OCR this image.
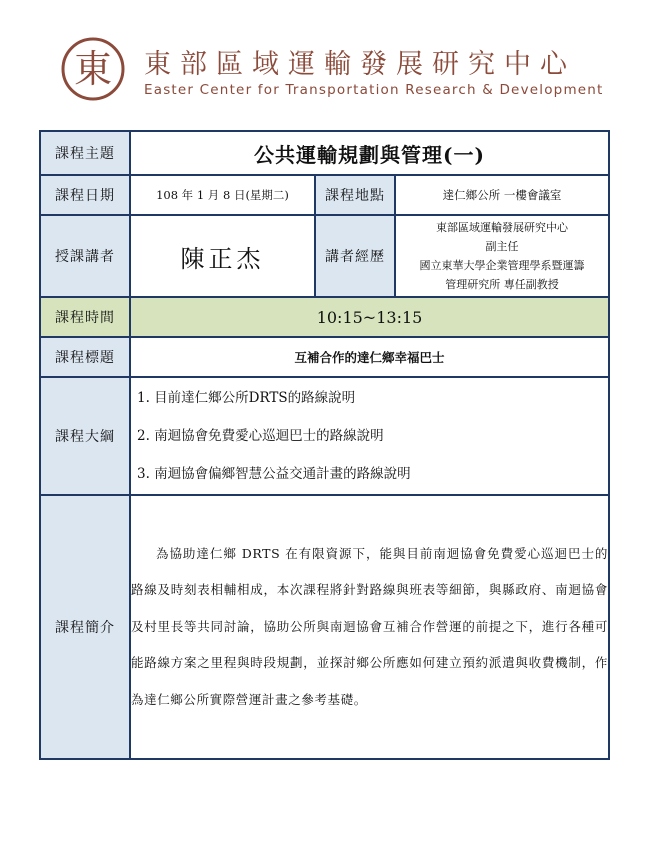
東 東部區域運輸發展研究中心
Easter Center for Transportation Research & Development
課程主題	公共運輸規劃與管理(一)		
課程日期	108 年 1 月 8 日(星期二)	課程地點	達仁鄉公所 一樓會議室
授課講者	陳正杰	講者經歷	東部區域運輸發展研究中心
副主任
國立東華大學企業管理學系暨運籌
管理研究所 專任副教授

課程時間	10:15~13:15		
課程標題	互補合作的達仁鄉幸福巴士		
課程大綱	1. 目前達仁鄉公所DRTS的路線說明
2. 南迴協會免費愛心巡迴巴士的路線說明
3. 南迴協會偏鄉智慧公益交通計畫的路線說明		

課程簡介	為協助達仁鄉 DRTS 在有限資源下，能與目前南迴協會免費愛心巡迴巴士的路線及時刻表相輔相成，本次課程將針對路線與班表等細節，與縣政府、南迴協會及村里長等共同討論，協助公所與南迴協會互補合作營運的前提之下，進行各種可能路線方案之里程與時段規劃，並探討鄉公所應如何建立預約派遣與收費機制，作為達仁鄉公所實際營運計畫之參考基礎。		
